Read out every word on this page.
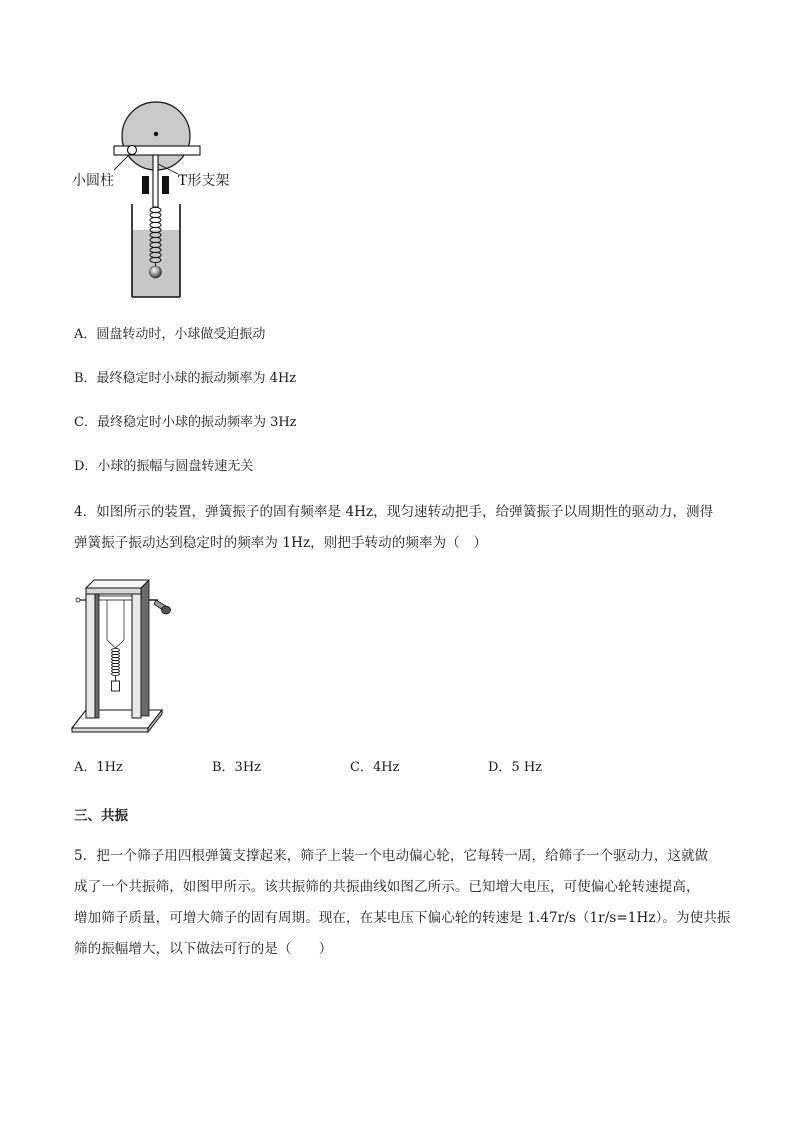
小圆柱	T形支架
A．圆盘转动时，小球做受迫振动
B．最终稳定时小球的振动频率为 4Hz
C．最终稳定时小球的振动频率为 3Hz
D．小球的振幅与圆盘转速无关
4．如图所示的装置，弹簧振子的固有频率是 4Hz，现匀速转动把手，给弹簧振子以周期性的驱动力，测得
弹簧振子振动达到稳定时的频率为 1Hz，则把手转动的频率为（　）
A．1Hz	B．3Hz	C．4Hz	D．5 Hz
三、共振
5．把一个筛子用四根弹簧支撑起来，筛子上装一个电动偏心轮，它每转一周，给筛子一个驱动力，这就做
成了一个共振筛，如图甲所示。该共振筛的共振曲线如图乙所示。已知增大电压，可使偏心轮转速提高，
增加筛子质量，可增大筛子的固有周期。现在，在某电压下偏心轮的转速是 1.47r/s（1r/s=1Hz）。为使共振
筛的振幅增大，以下做法可行的是（　　）
